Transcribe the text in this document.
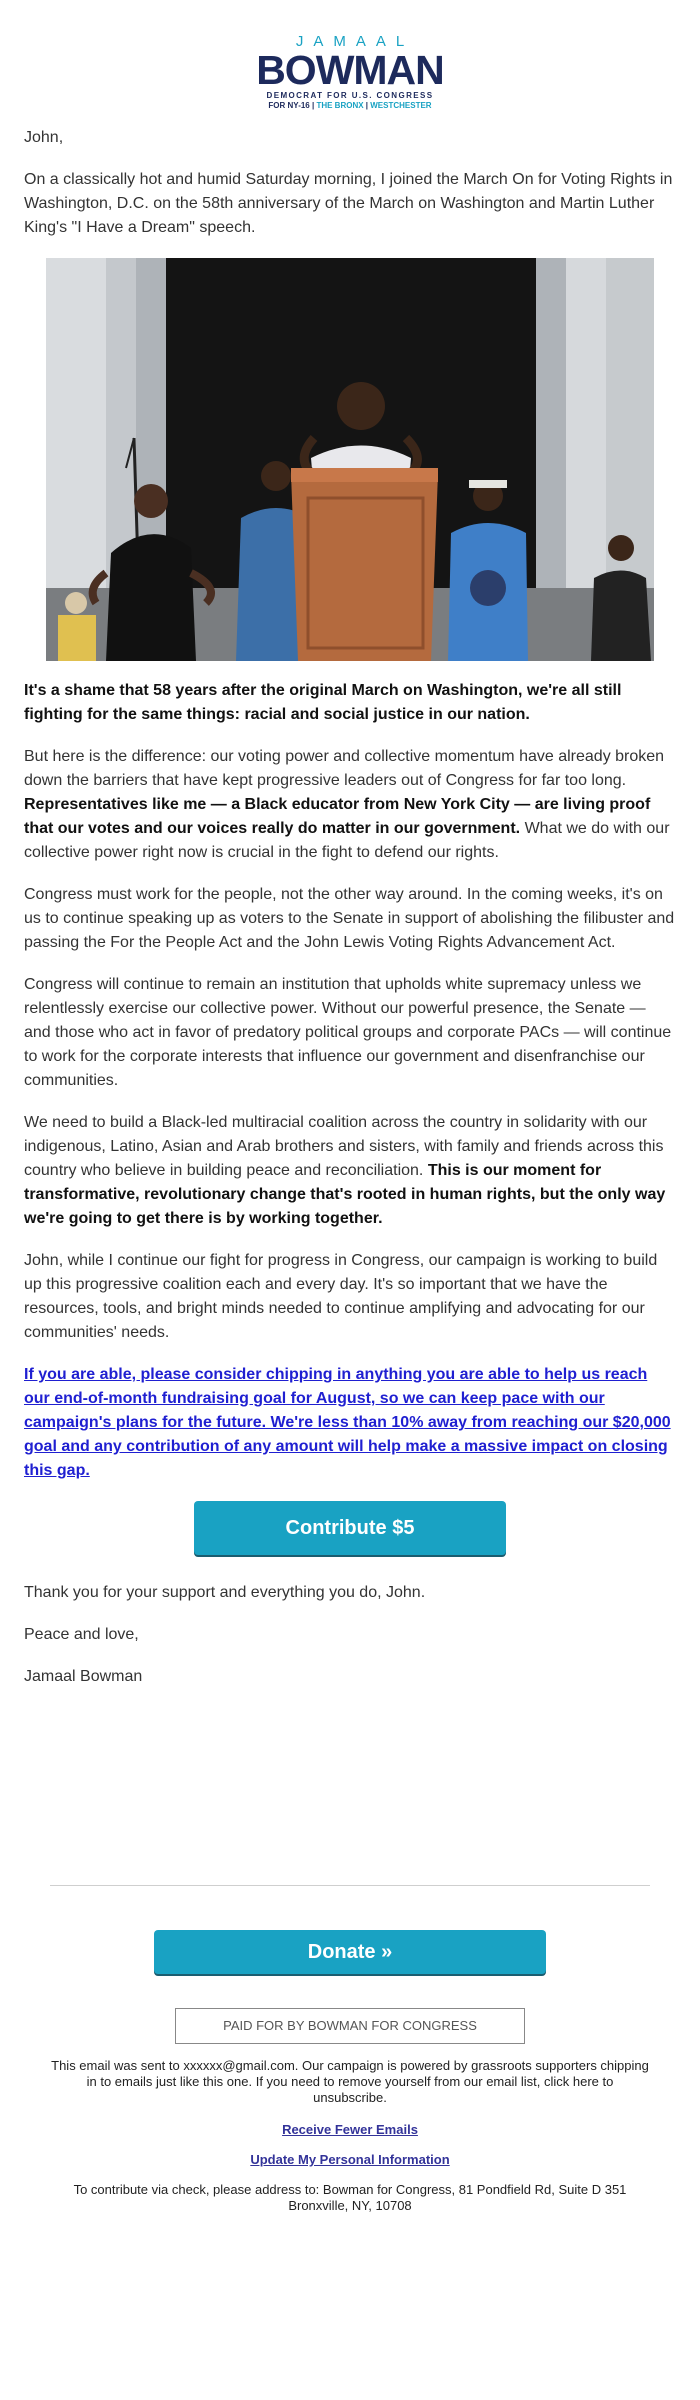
JAMAAL
BOWMAN
DEMOCRAT FOR U.S. CONGRESS
FOR NY-16 | THE BRONX | WESTCHESTER

John,

On a classically hot and humid Saturday morning, I joined the March On for Voting Rights in Washington, D.C. on the 58th anniversary of the March on Washington and Martin Luther King's "I Have a Dream" speech.

It's a shame that 58 years after the original March on Washington, we're all still fighting for the same things: racial and social justice in our nation.

But here is the difference: our voting power and collective momentum have already broken down the barriers that have kept progressive leaders out of Congress for far too long. Representatives like me — a Black educator from New York City — are living proof that our votes and our voices really do matter in our government. What we do with our collective power right now is crucial in the fight to defend our rights.

Congress must work for the people, not the other way around. In the coming weeks, it's on us to continue speaking up as voters to the Senate in support of abolishing the filibuster and passing the For the People Act and the John Lewis Voting Rights Advancement Act.

Congress will continue to remain an institution that upholds white supremacy unless we relentlessly exercise our collective power. Without our powerful presence, the Senate — and those who act in favor of predatory political groups and corporate PACs — will continue to work for the corporate interests that influence our government and disenfranchise our communities.

We need to build a Black-led multiracial coalition across the country in solidarity with our indigenous, Latino, Asian and Arab brothers and sisters, with family and friends across this country who believe in building peace and reconciliation. This is our moment for transformative, revolutionary change that's rooted in human rights, but the only way we're going to get there is by working together.

John, while I continue our fight for progress in Congress, our campaign is working to build up this progressive coalition each and every day. It's so important that we have the resources, tools, and bright minds needed to continue amplifying and advocating for our communities' needs.

If you are able, please consider chipping in anything you are able to help us reach our end-of-month fundraising goal for August, so we can keep pace with our campaign's plans for the future. We're less than 10% away from reaching our $20,000 goal and any contribution of any amount will help make a massive impact on closing this gap.

Contribute $5

Thank you for your support and everything you do, John.

Peace and love,

Jamaal Bowman

Donate »
PAID FOR BY BOWMAN FOR CONGRESS
This email was sent to xxxxxx@gmail.com. Our campaign is powered by grassroots supporters chipping in to emails just like this one. If you need to remove yourself from our email list, click here to unsubscribe.
Receive Fewer Emails
Update My Personal Information
To contribute via check, please address to: Bowman for Congress, 81 Pondfield Rd, Suite D 351 Bronxville, NY, 10708
